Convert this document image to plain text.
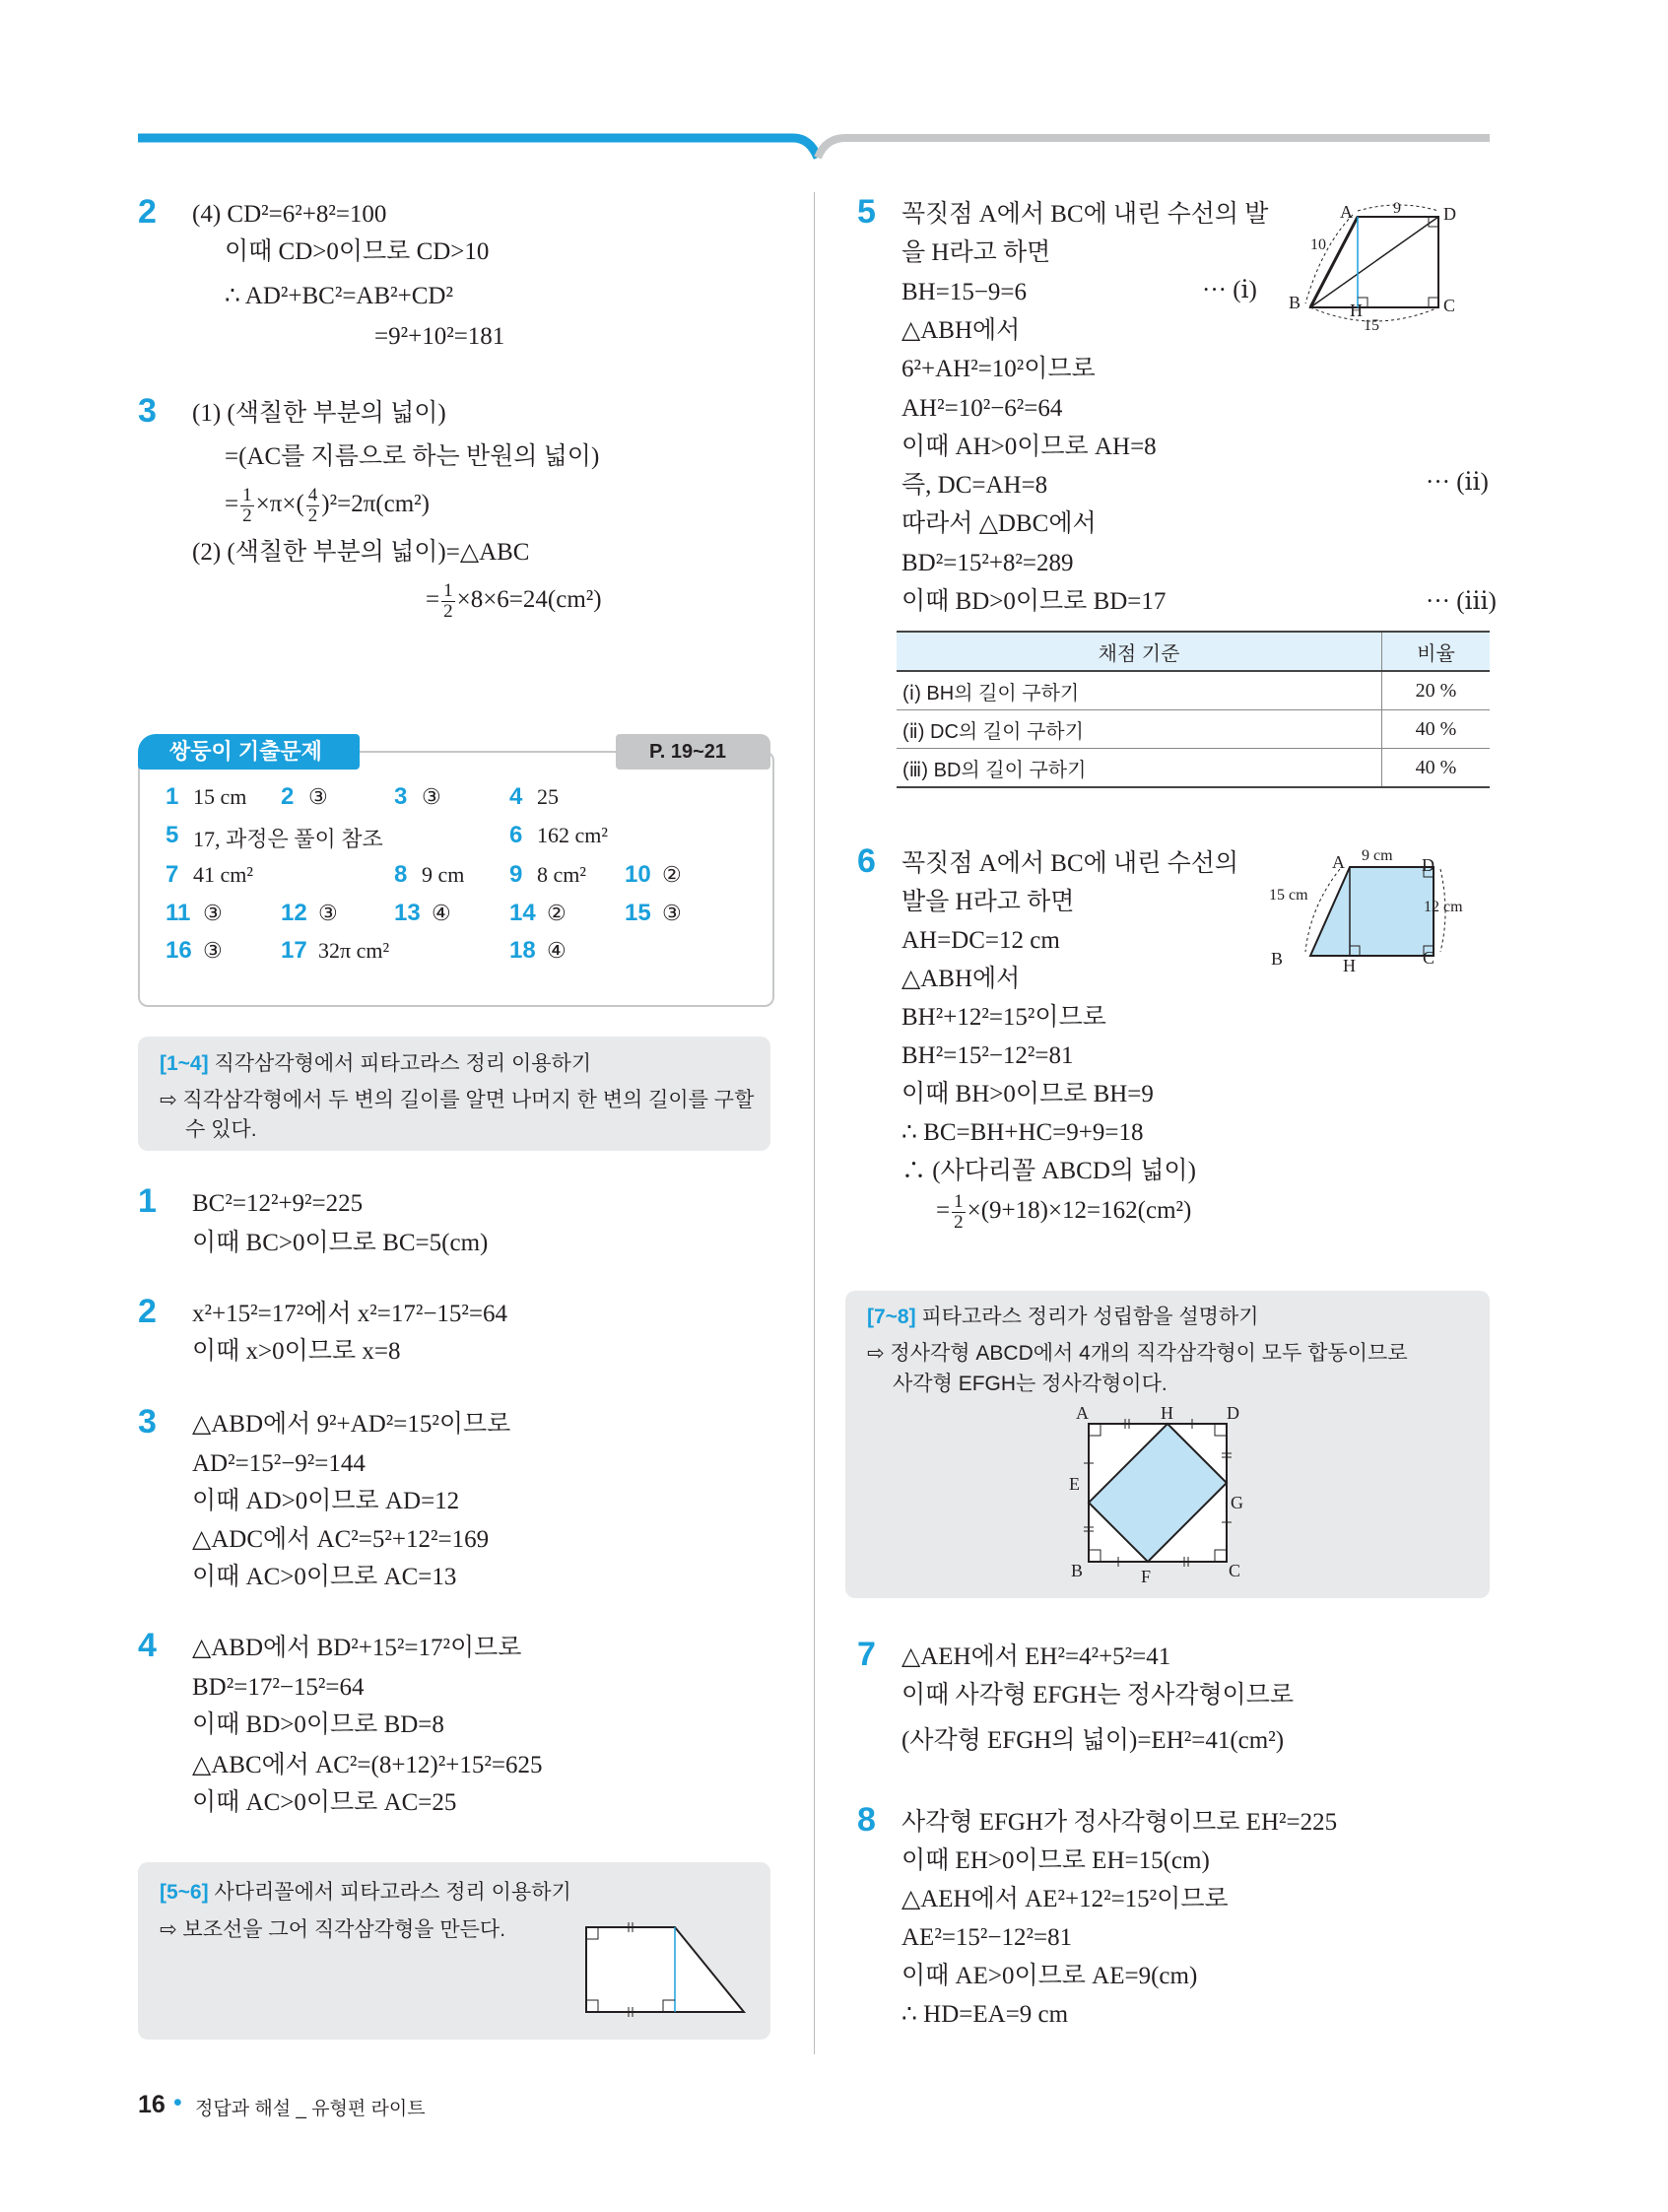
2 (4) CD²=6²+8²=100
이때 CD>0이므로 CD>10
∴ AD²+BC²=AB²+CD²
=9²+10²=181
3 (1) (색칠한 부분의 넓이)
=(AC를 지름으로 하는 반원의 넓이)
= $\frac{1}{2} \times\pi\times( \frac{4}{2} )^2=2\pi(cm^2)$
(2) (색칠한 부분의 넓이)=△ABC
= $\frac{1}{2} \times 8\times 6=24(cm^2)$
쌍둥이 기출문제	P. 19~21
1 15 cm 2 ③	3 ③	4 25
5 17, 과정은 풀이 참조	6 162 cm²
7 41 cm²	8 9 cm 9 8 cm² 10 ②
11 ③ 12 ③ 13 ④ 14 ② 15 ③
16 ③ 17 32π cm²	18 ④
[1~4] 직각삼각형에서 피타고라스 정리 이용하기
⇨ 직각삼각형에서 두 변의 길이를 알면 나머지 한 변의 길이를 구할
수 있다.
1 BC²=12²+9²=225
이때 BC>0이므로 BC=5(cm)
2 x²+15²=17²에서 x²=17²−15²=64
이때 x>0이므로 x=8
3 △ABD에서 9²+AD²=15²이므로
AD²=15²−9²=144
이때 AD>0이므로 AD=12
△ADC에서 AC²=5²+12²=169
이때 AC>0이므로 AC=13
4 △ABD에서 BD²+15²=17²이므로
BD²=17²−15²=64
이때 BD>0이므로 BD=8
△ABC에서 AC²=(8+12)²+15²=625
이때 AC>0이므로 AC=25
[5~6] 사다리꼴에서 피타고라스 정리 이용하기
⇨ 보조선을 그어 직각삼각형을 만든다.
16 • 정답과 해설 _ 유형편 라이트
5 꼭짓점 A에서 BC에 내린 수선의 발
을 H라고 하면
BH=15−9=6
△ABH에서
6²+AH²=10²이므로
AH²=10²−6²=64
이때 AH>0이므로 AH=8
즉, DC=AH=8
따라서 △DBC에서
BD²=15²+8²=289
이때 BD>0이므로 BD=17
··· (ⅰ)
··· (ⅱ)
··· (ⅲ)
A	D
B	H	C
9
10
15
채점 기준	비율
(ⅰ) BH의 길이 구하기	20 %
(ⅱ) DC의 길이 구하기	40 %
(ⅲ) BD의 길이 구하기	40 %
6 꼭짓점 A에서 BC에 내린 수선의
발을 H라고 하면
AH=DC=12 cm
△ABH에서
BH²+12²=15²이므로
BH²=15²−12²=81
이때 BH>0이므로 BH=9
∴ BC=BH+HC=9+9=18
∴ (사다리꼴 ABCD의 넓이)
= $\frac{1}{2} \times(9+18)\times 12=162(cm^2)$
A	D
B	H	C
9 cm
15 cm
12 cm
[7~8] 피타고라스 정리가 성립함을 설명하기
⇨ 정사각형 ABCD에서 4개의 직각삼각형이 모두 합동이므로
사각형 EFGH는 정사각형이다.
A	H	D
E
G
B	F	C
7 △AEH에서 EH²=4²+5²=41
이때 사각형 EFGH는 정사각형이므로
(사각형 EFGH의 넓이)=EH²=41(cm²)
8 사각형 EFGH가 정사각형이므로 EH²=225
이때 EH>0이므로 EH=15(cm)
△AEH에서 AE²+12²=15²이므로
AE²=15²−12²=81
이때 AE>0이므로 AE=9(cm)
∴ HD=EA=9 cm
